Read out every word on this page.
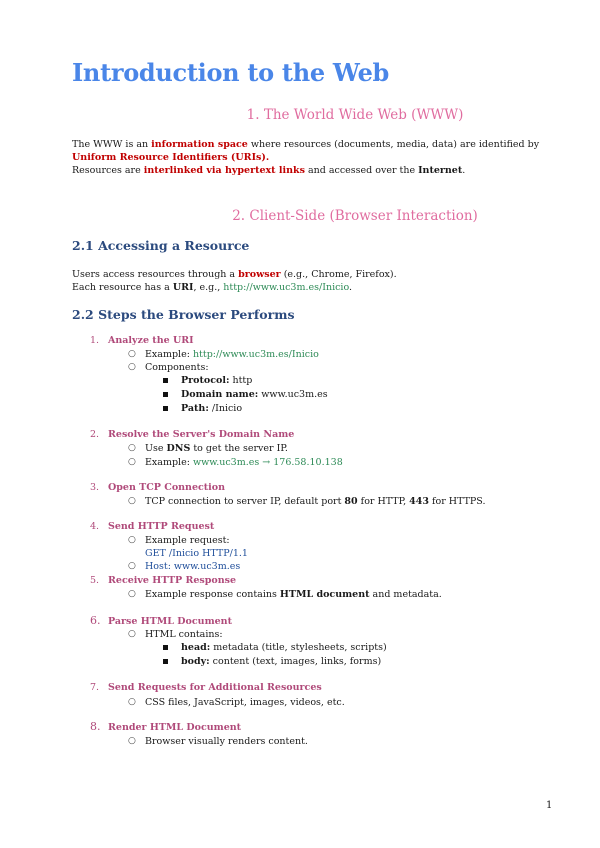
Introduction to the Web
1. The World Wide Web (WWW)

The WWW is an information space where resources (documents, media, data) are identified by
Uniform Resource Identifiers (URIs).

Resources are interlinked via hypertext links and accessed over the Internet.

2. Client-Side (Browser Interaction)
2.1 Accessing a Resource

Users access resources through a browser (e.g., Chrome, Firefox).
Each resource has a URI, e.g., http://www.uc3m.es/Inicio.

2.2 Steps the Browser Performs

1. Analyze the URI

○ Example: http://www.uc3m.es/Inicio
○ Components:
Protocol: http
Domain name: www.uc3m.es
Path: /Inicio

2. Resolve the Server's Domain Name

○ Use DNS to get the server IP.
○ Example: www.uc3m.es → 176.58.10.138

3. Open TCP Connection

○ TCP connection to server IP, default port 80 for HTTP, 443 for HTTPS.

4. Send HTTP Request

○ Example request:
GET /Inicio HTTP/1.1
○ Host: www.uc3m.es

5. Receive HTTP Response

○ Example response contains HTML document and metadata.

6. Parse HTML Document

○ HTML contains:
head: metadata (title, stylesheets, scripts)
body: content (text, images, links, forms)

7. Send Requests for Additional Resources

○ CSS files, JavaScript, images, videos, etc.

8. Render HTML Document

○ Browser visually renders content.
1
